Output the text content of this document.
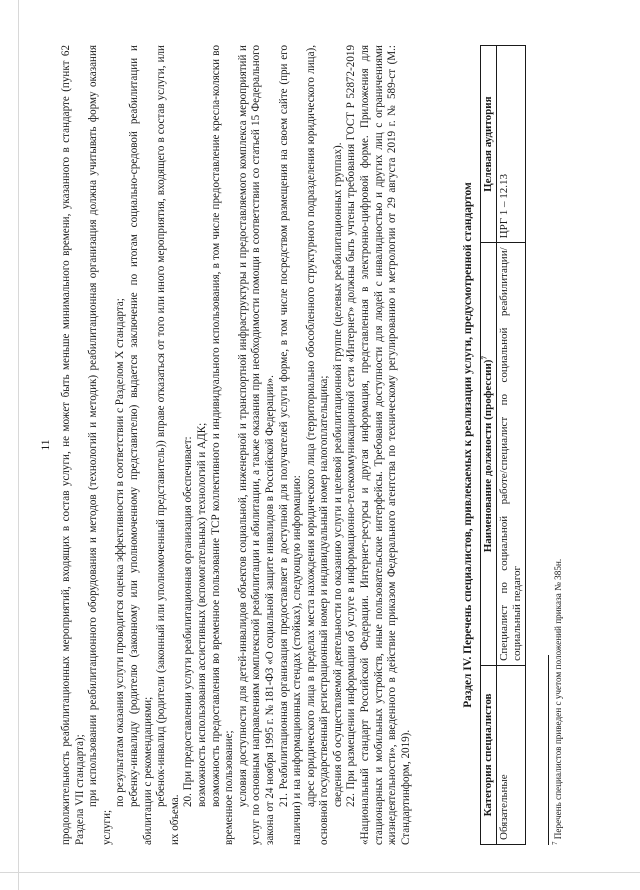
11 продолжительность реабилитационных мероприятий, входящих в состав услуги, не может быть меньше минимального времени, указанного в стандарте (пункт 62 Раздела VII стандарта); при использовании реабилитационного оборудования и методов (технологий и методик) реабилитационная организация должна учитывать форму оказания услуги;

по результатам оказания услуги проводится оценка эффективности в соответствии с Разделом X стандарта; ребенку-инвалиду (родителю (законному или уполномоченному представителю) выдается заключение по итогам социально-средовой реабилитации и абилитации с рекомендациями; ребенок-инвалид (родители (законный или уполномоченный представитель)) вправе отказаться от того или иного мероприятия, входящего в состав услуги, или их объема.

20. При предоставлении услуги реабилитационная организация обеспечивает: возможность использования ассистивных (вспомогательных) технологий и АДК; возможность предоставления во временное пользование ТСР коллективного и индивидуального использования, в том числе предоставление кресла-коляски во временное пользование; условия доступности для детей-инвалидов объектов социальной, инженерной и транспортной инфраструктуры и предоставляемого комплекса мероприятий и услуг по основным направлениям комплексной реабилитации и абилитации, а также оказания при необходимости помощи в соответствии со статьей 15 Федерального закона от 24 ноября 1995 г. № 181-ФЗ «О социальной защите инвалидов в Российской Федерации». 21. Реабилитационная организация предоставляет в доступной для получателей услуги форме, в том числе посредством размещения на своем сайте (при его наличии) и на информационных стендах (стойках), следующую информацию: адрес юридического лица в пределах места нахождения юридического лица (территориально обособленного структурного подразделения юридического лица), основной государственный регистрационный номер и индивидуальный номер налогоплательщика; сведения об осуществляемой деятельности по оказанию услуги и целевой реабилитационной группе (целевых реабилитационных группах). 22. При размещении информации об услуге в информационно-телекоммуникационной сети «Интернет» должны быть учтены требования ГОСТ Р 52872-2019 «Национальный стандарт Российской Федерации. Интернет-ресурсы и другая информация, представленная в электронно-цифровой форме. Приложения для стационарных и мобильных устройств, иные пользовательские интерфейсы. Требования доступности для людей с инвалидностью и других лиц с ограничениями жизнедеятельности», введенного в действие приказом Федерального агентства по техническому регулированию и метрологии от 29 августа 2019 г. № 589-ст (М.: Стандартинформ, 2019).

Раздел IV. Перечень специалистов, привлекаемых к реализации услуги, предусмотренной стандартом
Категория специалистов	Наименование должности (профессии)$^7$	Целевая аудитория
Обязательные	Специалист по социальной работе/специалист по социальной реабилитации/социальный педагог	ЦРГ 1 – 12.13
$^7$ Перечень специалистов приведен с учетом положений приказа № 385н.
